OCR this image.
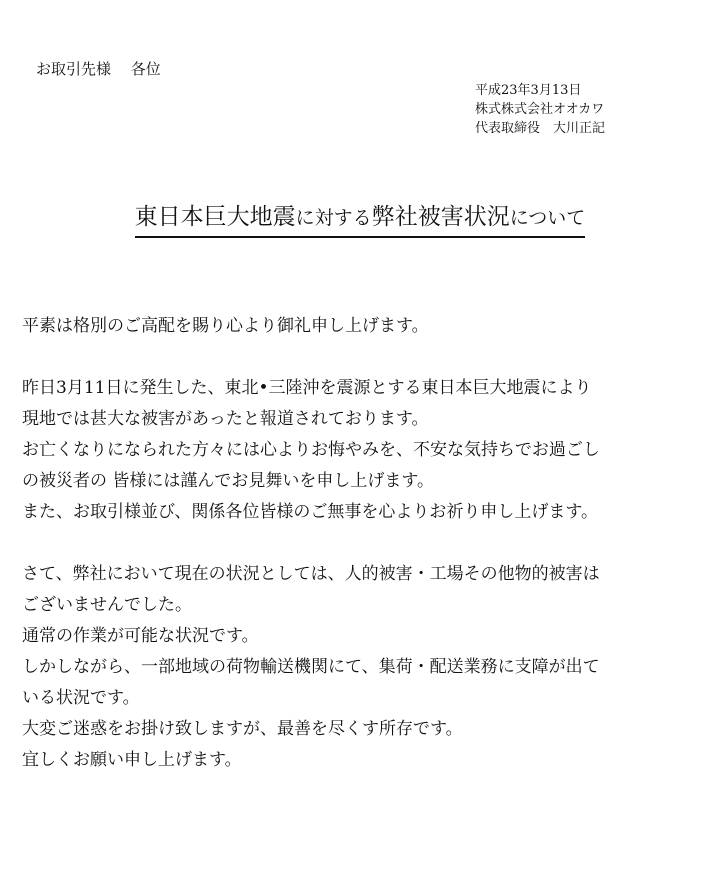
お取引先様　 各位
平成23年3月13日
株式株式会社オオカワ
代表取締役　大川正記
東日本巨大地震に対する弊社被害状況について
平素は格別のご高配を賜り心より御礼申し上げます。
昨日3月11日に発生した、東北•三陸沖を震源とする東日本巨大地震により
現地では甚大な被害があったと報道されております。
お亡くなりになられた方々には心よりお悔やみを、不安な気持ちでお過ごし
の被災者の 皆様には謹んでお見舞いを申し上げます。
また、お取引様並び、関係各位皆様のご無事を心よりお祈り申し上げます。
さて、弊社において現在の状況としては、人的被害・工場その他物的被害は
ございませんでした。
通常の作業が可能な状況です。
しかしながら、一部地域の荷物輸送機関にて、集荷・配送業務に支障が出て
いる状況です。
大変ご迷惑をお掛け致しますが、最善を尽くす所存です。
宜しくお願い申し上げます。
